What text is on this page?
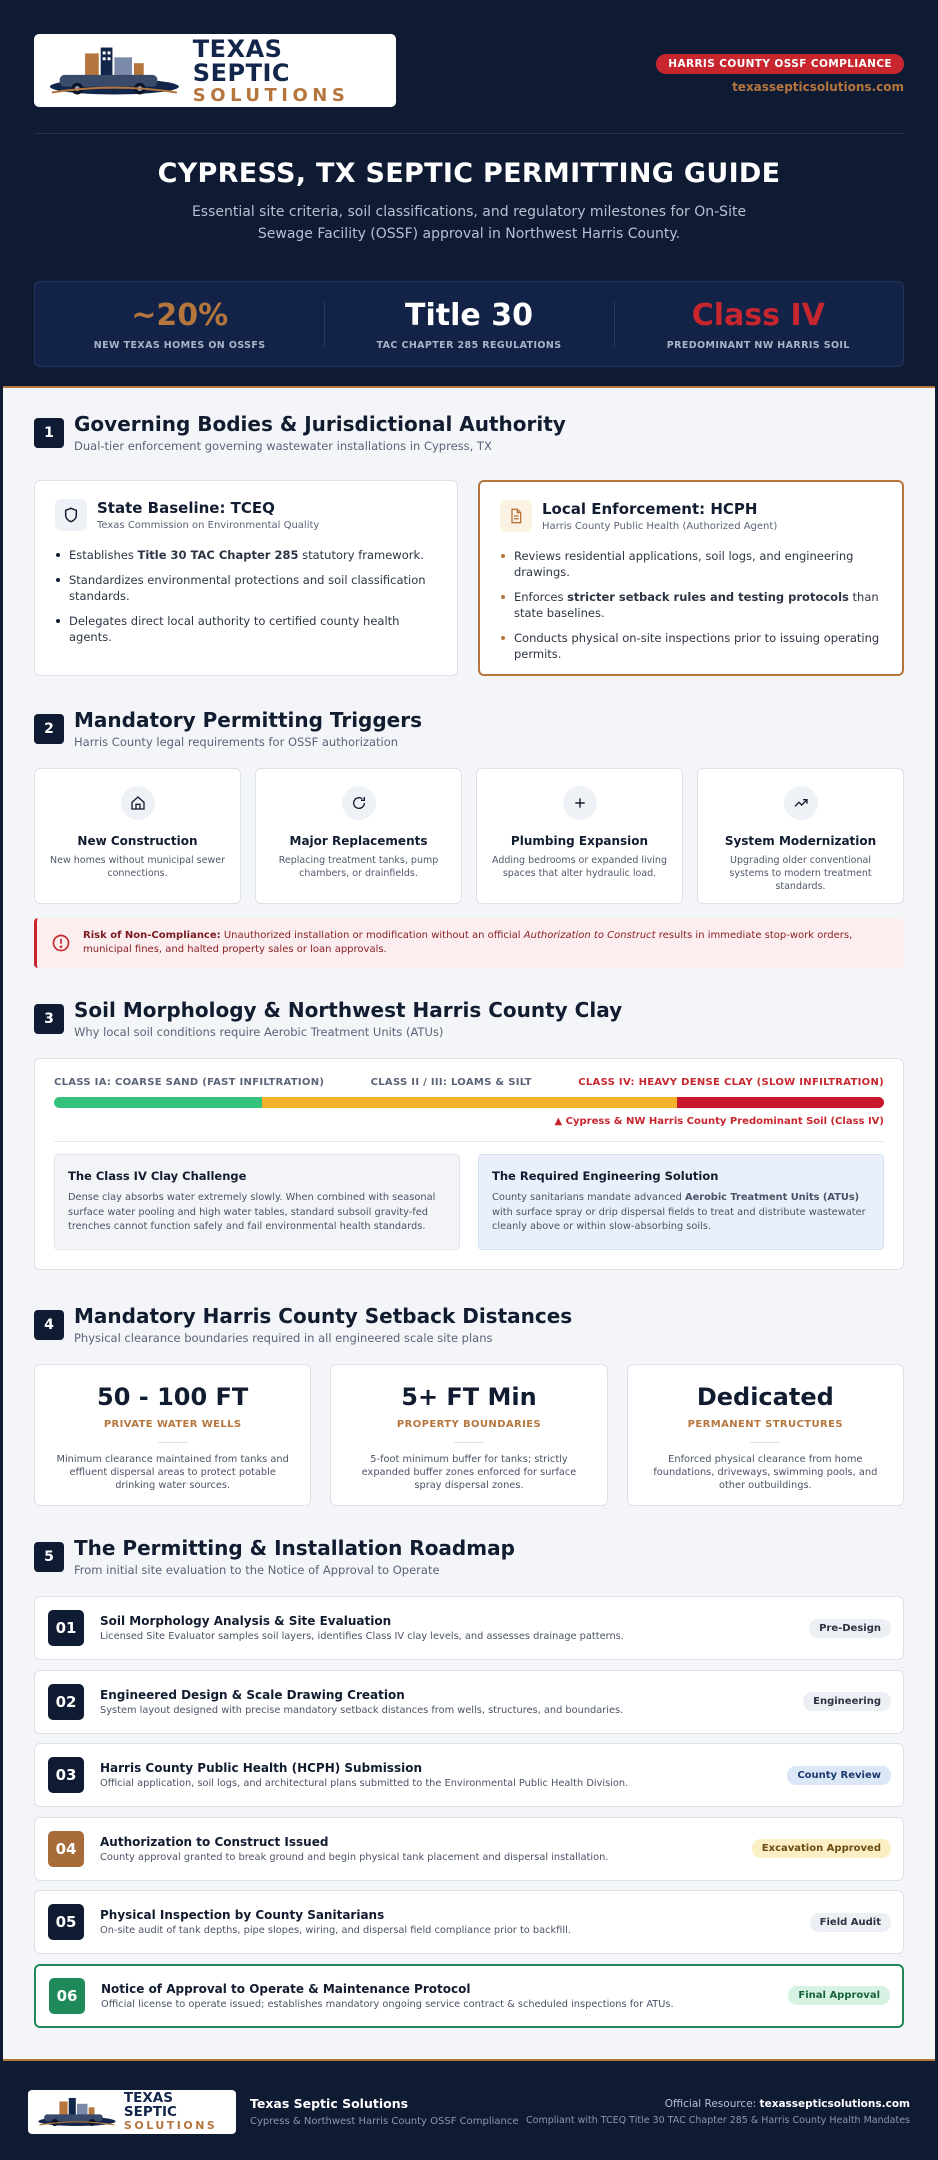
TEXAS SEPTIC
SOLUTIONS
HARRIS COUNTY OSSF COMPLIANCE
texassepticsolutions.com
CYPRESS, TX SEPTIC PERMITTING GUIDE

Essential site criteria, soil classifications, and regulatory milestones for On-Site Sewage Facility (OSSF) approval in Northwest Harris County.

~20%
NEW TEXAS HOMES ON OSSFS
Title 30
TAC CHAPTER 285 REGULATIONS
Class IV
PREDOMINANT NW HARRIS SOIL
1	Governing Bodies & Jurisdictional Authority
Dual-tier enforcement governing wastewater installations in Cypress, TX
State Baseline: TCEQ
Texas Commission on Environmental Quality
Establishes Title 30 TAC Chapter 285 statutory framework.
Standardizes environmental protections and soil classification standards.
Delegates direct local authority to certified county health agents.
Local Enforcement: HCPH
Harris County Public Health (Authorized Agent)
Reviews residential applications, soil logs, and engineering drawings.
Enforces stricter setback rules and testing protocols than state baselines.
Conducts physical on-site inspections prior to issuing operating permits.
2	Mandatory Permitting Triggers
Harris County legal requirements for OSSF authorization
New Construction
New homes without municipal sewer connections.
Major Replacements
Replacing treatment tanks, pump chambers, or drainfields.
Plumbing Expansion
Adding bedrooms or expanded living spaces that alter hydraulic load.
System Modernization
Upgrading older conventional systems to modern treatment standards.
Risk of Non-Compliance: Unauthorized installation or modification without an official Authorization to Construct results in immediate stop-work orders, municipal fines, and halted property sales or loan approvals.
3	Soil Morphology & Northwest Harris County Clay
Why local soil conditions require Aerobic Treatment Units (ATUs)
CLASS IA: COARSE SAND (FAST INFILTRATION)	CLASS II / III: LOAMS & SILT	CLASS IV: HEAVY DENSE CLAY (SLOW INFILTRATION)
▲ Cypress & NW Harris County Predominant Soil (Class IV)
The Class IV Clay Challenge

Dense clay absorbs water extremely slowly. When combined with seasonal surface water pooling and high water tables, standard subsoil gravity-fed trenches cannot function safely and fail environmental health standards.

The Required Engineering Solution

County sanitarians mandate advanced Aerobic Treatment Units (ATUs) with surface spray or drip dispersal fields to treat and distribute wastewater cleanly above or within slow-absorbing soils.

4	Mandatory Harris County Setback Distances
Physical clearance boundaries required in all engineered scale site plans
50 - 100 FT
PRIVATE WATER WELLS
Minimum clearance maintained from tanks and effluent dispersal areas to protect potable drinking water sources.
5+ FT Min
PROPERTY BOUNDARIES
5-foot minimum buffer for tanks; strictly expanded buffer zones enforced for surface spray dispersal zones.
Dedicated
PERMANENT STRUCTURES
Enforced physical clearance from home foundations, driveways, swimming pools, and other outbuildings.
5	The Permitting & Installation Roadmap
From initial site evaluation to the Notice of Approval to Operate
01	Soil Morphology Analysis & Site Evaluation
Licensed Site Evaluator samples soil layers, identifies Class IV clay levels, and assesses drainage patterns.
Pre-Design
02	Engineered Design & Scale Drawing Creation
System layout designed with precise mandatory setback distances from wells, structures, and boundaries.
Engineering
03	Harris County Public Health (HCPH) Submission
Official application, soil logs, and architectural plans submitted to the Environmental Public Health Division.
County Review
04	Authorization to Construct Issued
County approval granted to break ground and begin physical tank placement and dispersal installation.
Excavation Approved
05	Physical Inspection by County Sanitarians
On-site audit of tank depths, pipe slopes, wiring, and dispersal field compliance prior to backfill.
Field Audit
06	Notice of Approval to Operate & Maintenance Protocol
Official license to operate issued; establishes mandatory ongoing service contract & scheduled inspections for ATUs.
Final Approval
TEXAS SEPTIC
SOLUTIONS
Texas Septic Solutions
Cypress & Northwest Harris County OSSF Compliance
Official Resource: texassepticsolutions.com
Compliant with TCEQ Title 30 TAC Chapter 285 & Harris County Health Mandates
